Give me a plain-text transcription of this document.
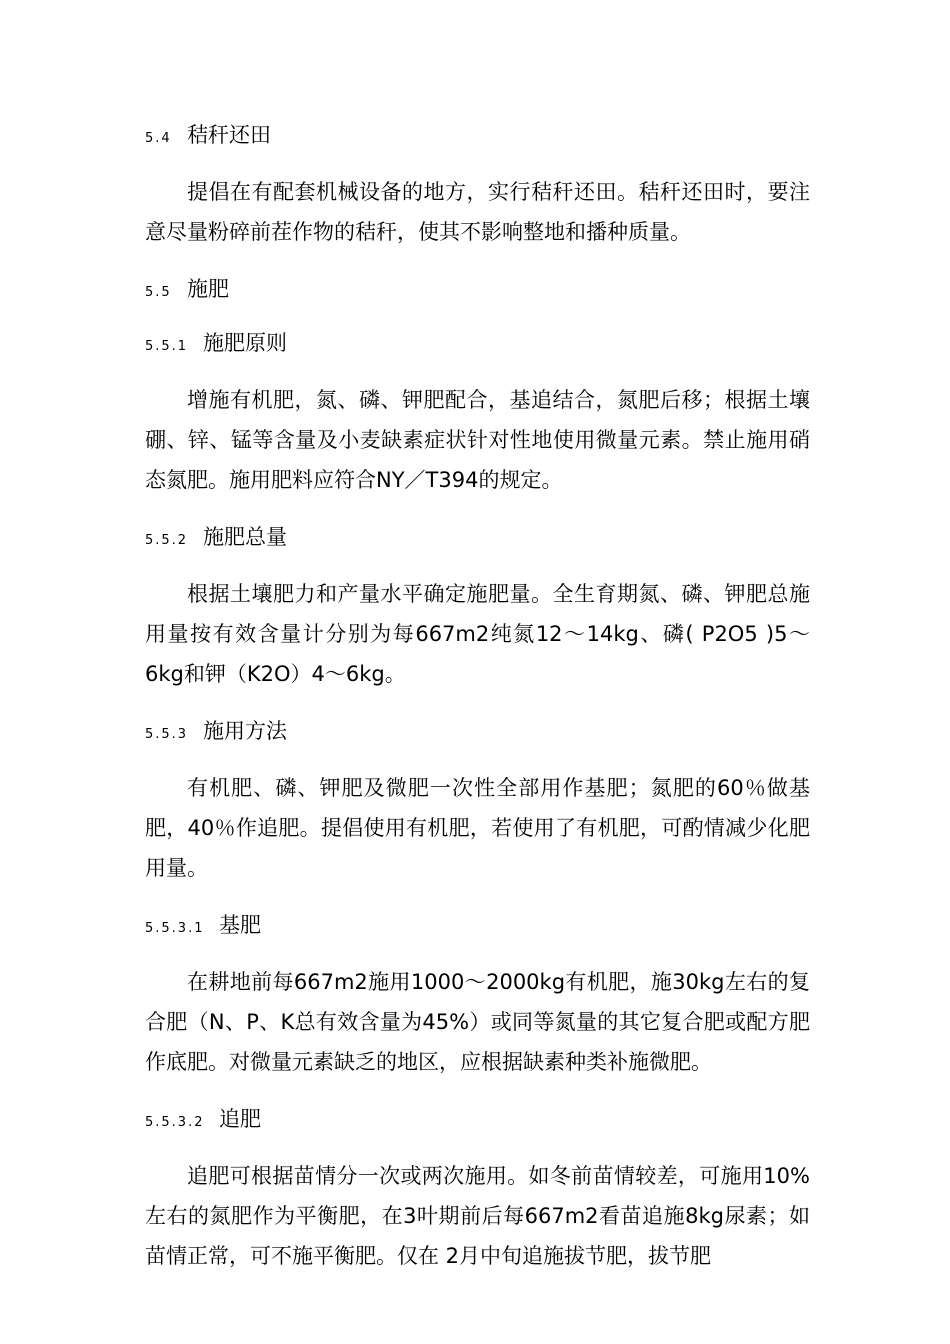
5.4 秸秆还田

提倡在有配套机械设备的地方，实行秸秆还田。秸秆还田时，要注意尽量粉碎前茬作物的秸秆，使其不影响整地和播种质量。

5.5 施肥
5.5.1 施肥原则

增施有机肥，氮、磷、钾肥配合，基追结合，氮肥后移；根据土壤硼、锌、锰等含量及小麦缺素症状针对性地使用微量元素。禁止施用硝态氮肥。施用肥料应符合NY／T394的规定。

5.5.2 施肥总量

根据土壤肥力和产量水平确定施肥量。全生育期氮、磷、钾肥总施用量按有效含量计分别为每667m2纯氮12～14kg、磷( P2O5 )5～6kg和钾（K2O）4～6kg。

5.5.3 施用方法

有机肥、磷、钾肥及微肥一次性全部用作基肥；氮肥的60％做基肥，40％作追肥。提倡使用有机肥，若使用了有机肥，可酌情减少化肥用量。

5.5.3.1 基肥

在耕地前每667m2施用1000～2000kg有机肥，施30kg左右的复合肥（N、P、K总有效含量为45%）或同等氮量的其它复合肥或配方肥作底肥。对微量元素缺乏的地区，应根据缺素种类补施微肥。

5.5.3.2 追肥

追肥可根据苗情分一次或两次施用。如冬前苗情较差，可施用10%左右的氮肥作为平衡肥，在3叶期前后每667m2看苗追施8kg尿素；如苗情正常，可不施平衡肥。仅在 2月中旬追施拔节肥，拔节肥
